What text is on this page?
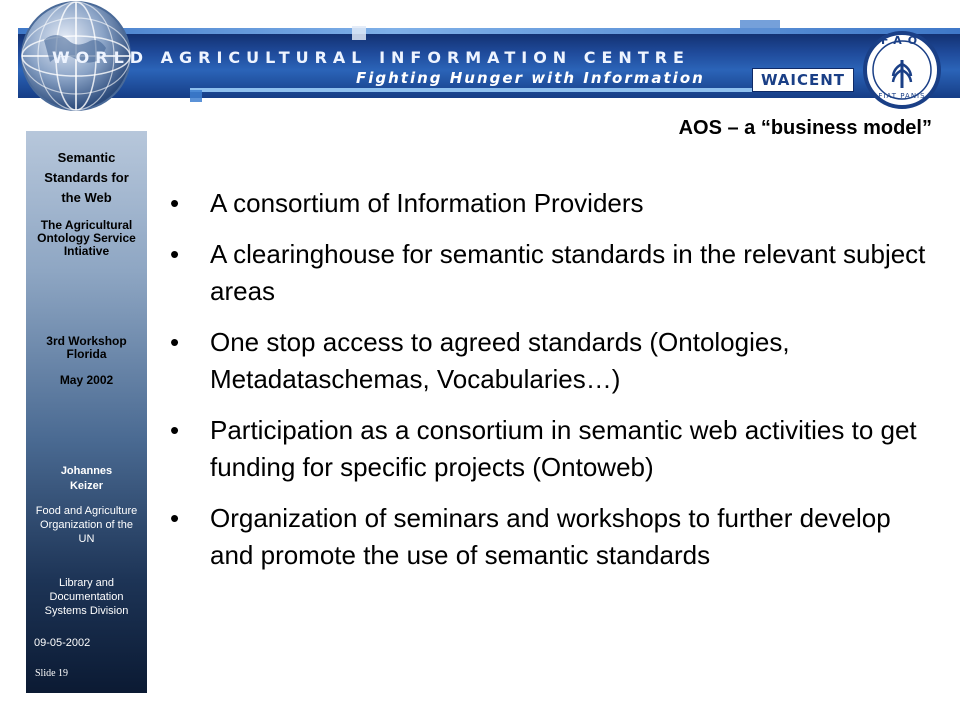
WORLD AGRICULTURAL INFORMATION CENTRE
Fighting Hunger with Information	WAICENT
FAO
FIAT PANIS
Semantic Standards for the Web
The Agricultural Ontology Service Intiative
3rd Workshop Florida
May 2002
Johannes Keizer
Food and Agriculture Organization of the UN
Library and Documentation Systems Division
09-05-2002
Slide 19
AOS – a “business model”
• A consortium of Information Providers
• A clearinghouse for semantic standards in the relevant subject areas
• One stop access to agreed standards (Ontologies, Metadataschemas, Vocabularies…)
• Participation as a consortium in semantic web activities to get funding for specific projects (Ontoweb)
• Organization of seminars and workshops to further develop and promote the use of semantic standards
